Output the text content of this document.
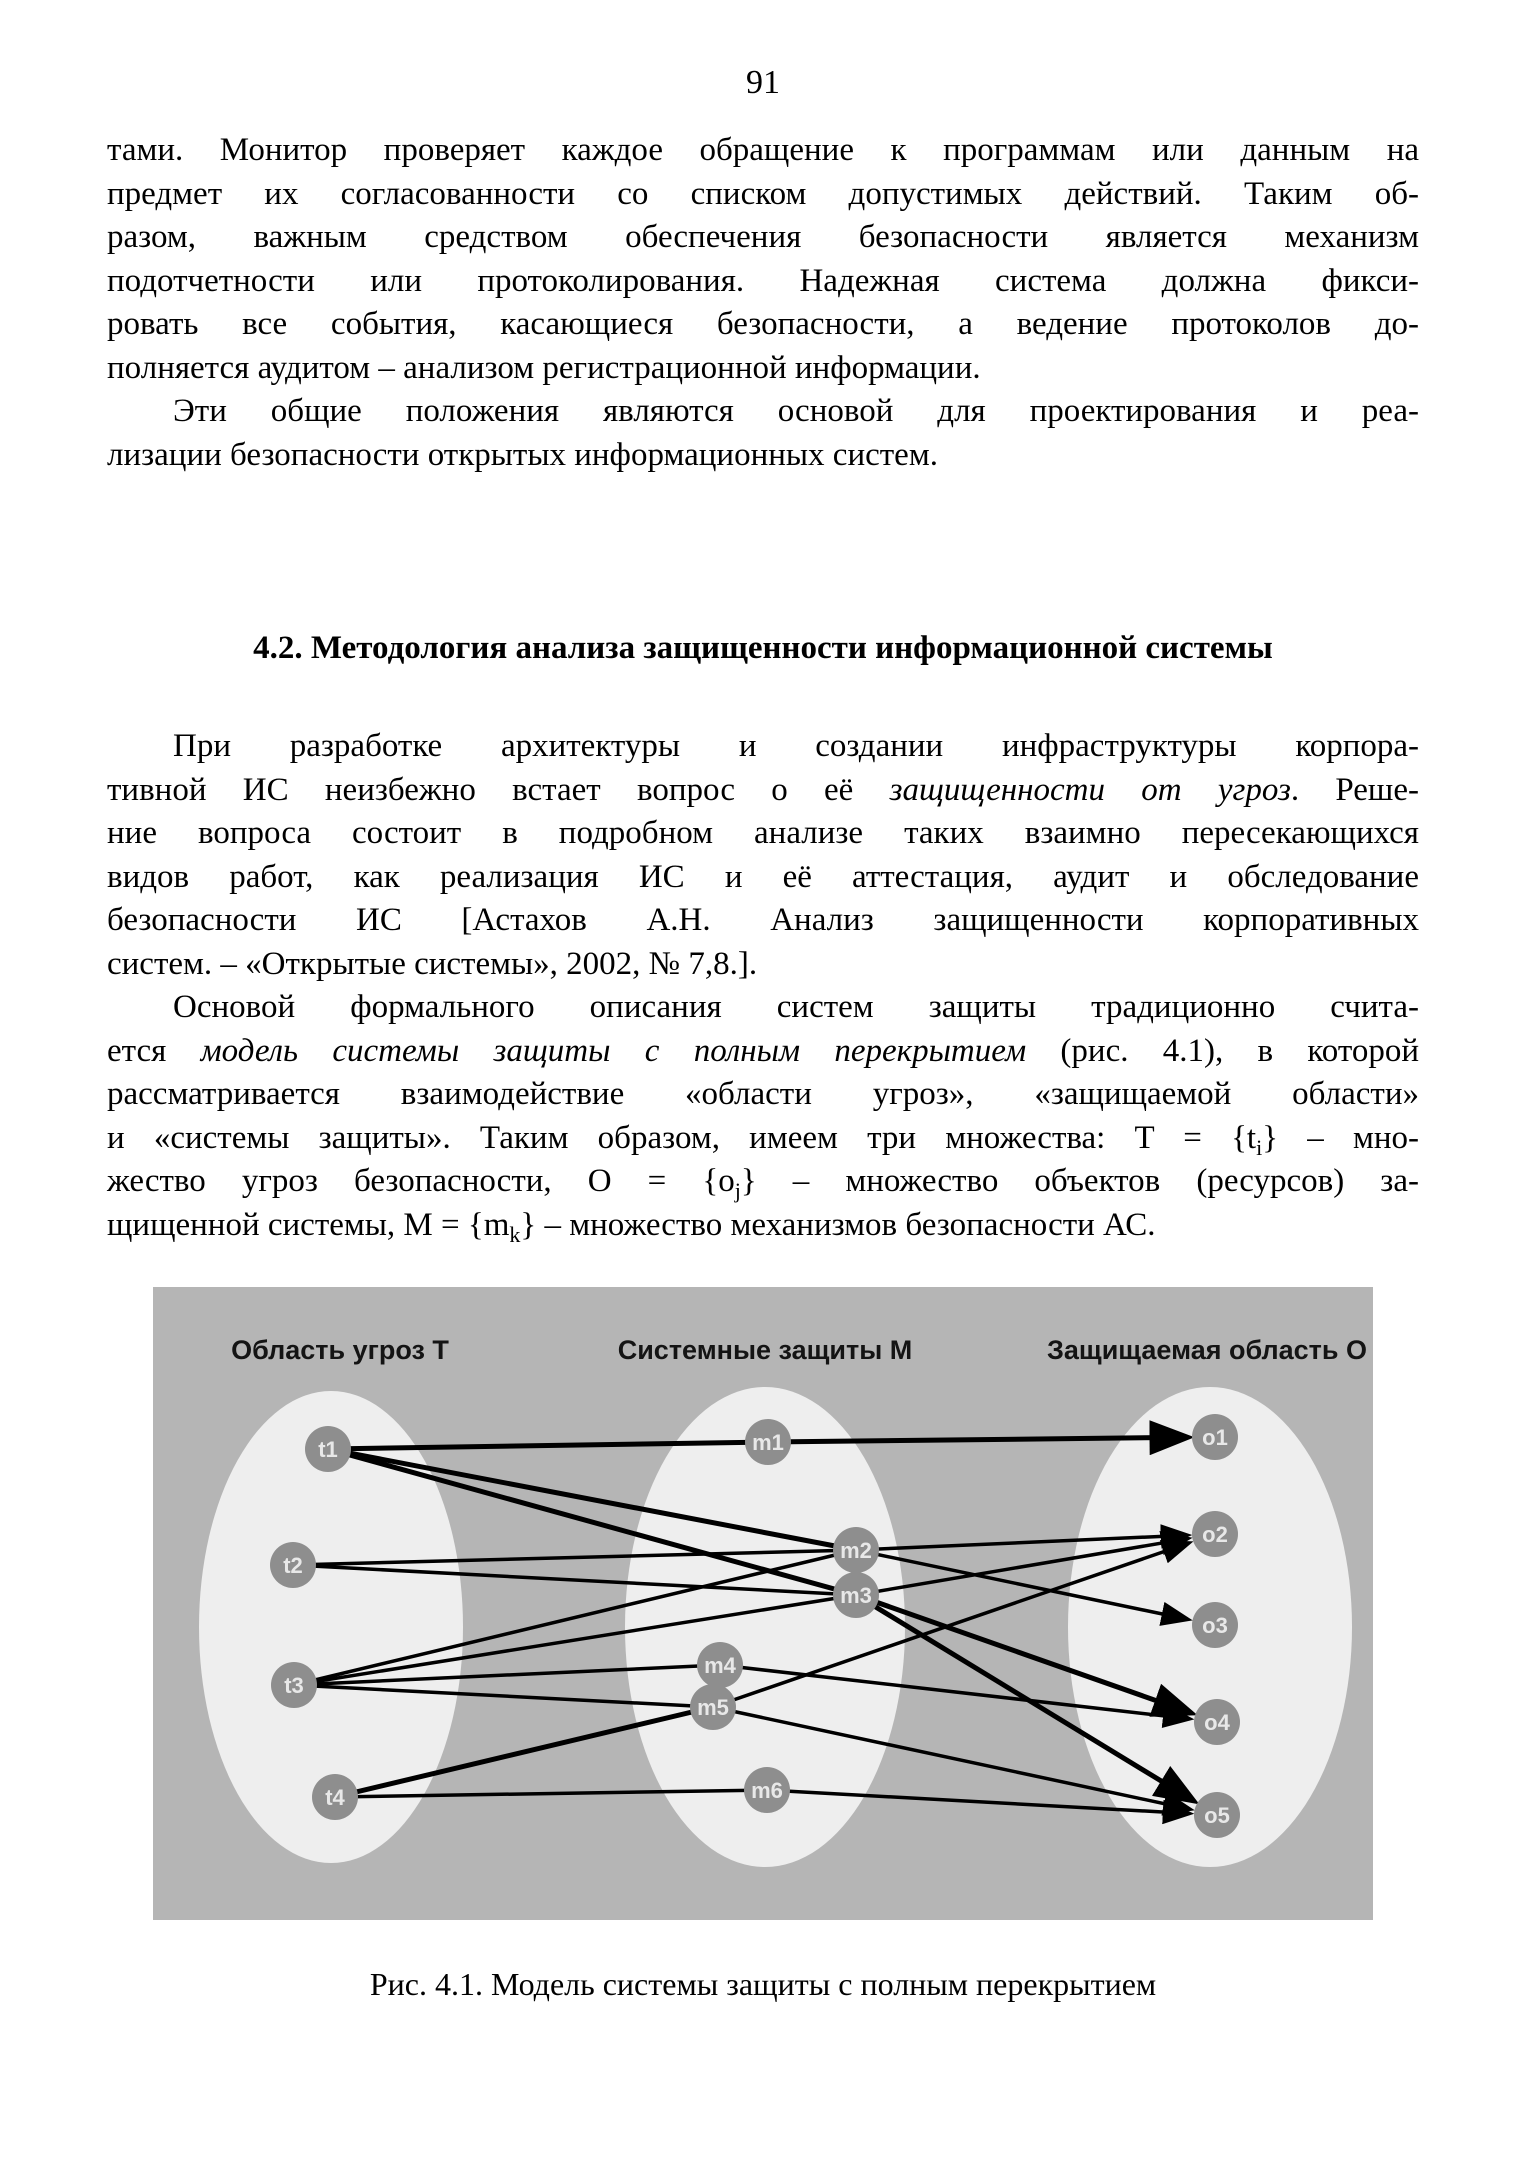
91
тами. Монитор проверяет каждое обращение к программам или данным на
предмет их согласованности со списком допустимых действий. Таким об-
разом, важным средством обеспечения безопасности является механизм
подотчетности или протоколирования. Надежная система должна фикси-
ровать все события, касающиеся безопасности, а ведение протоколов до-
полняется аудитом – анализом регистрационной информации.
Эти общие положения являются основой для проектирования и реа-
лизации безопасности открытых информационных систем.
4.2. Методология анализа защищенности информационной системы
При разработке архитектуры и создании инфраструктуры корпора-
тивной ИС неизбежно встает вопрос о её защищенности от угроз. Реше-
ние вопроса состоит в подробном анализе таких взаимно пересекающихся
видов работ, как реализация ИС и её аттестация, аудит и обследование
безопасности ИС [Астахов А.Н. Анализ защищенности корпоративных
систем. – «Открытые системы», 2002, № 7,8.].
Основой формального описания систем защиты традиционно счита-
ется модель системы защиты с полным перекрытием (рис. 4.1), в которой
рассматривается взаимодействие «области угроз», «защищаемой области»
и «системы защиты». Таким образом, имеем три множества: $T = \{t_i\} - мно-$
жество угроз безопасности, $O = \{o_j\}$ – множество объектов (ресурсов) за-
щищенной системы, $M = \{m_k\}$ – множество механизмов безопасности АС.
t1
t2
t3
t4
m1
m2
m3
m4
m5
m6
o1
o2
o3
o4
o5
Область угроз Т	Системные защиты М	Защищаемая область О
Рис. 4.1. Модель системы защиты с полным перекрытием
